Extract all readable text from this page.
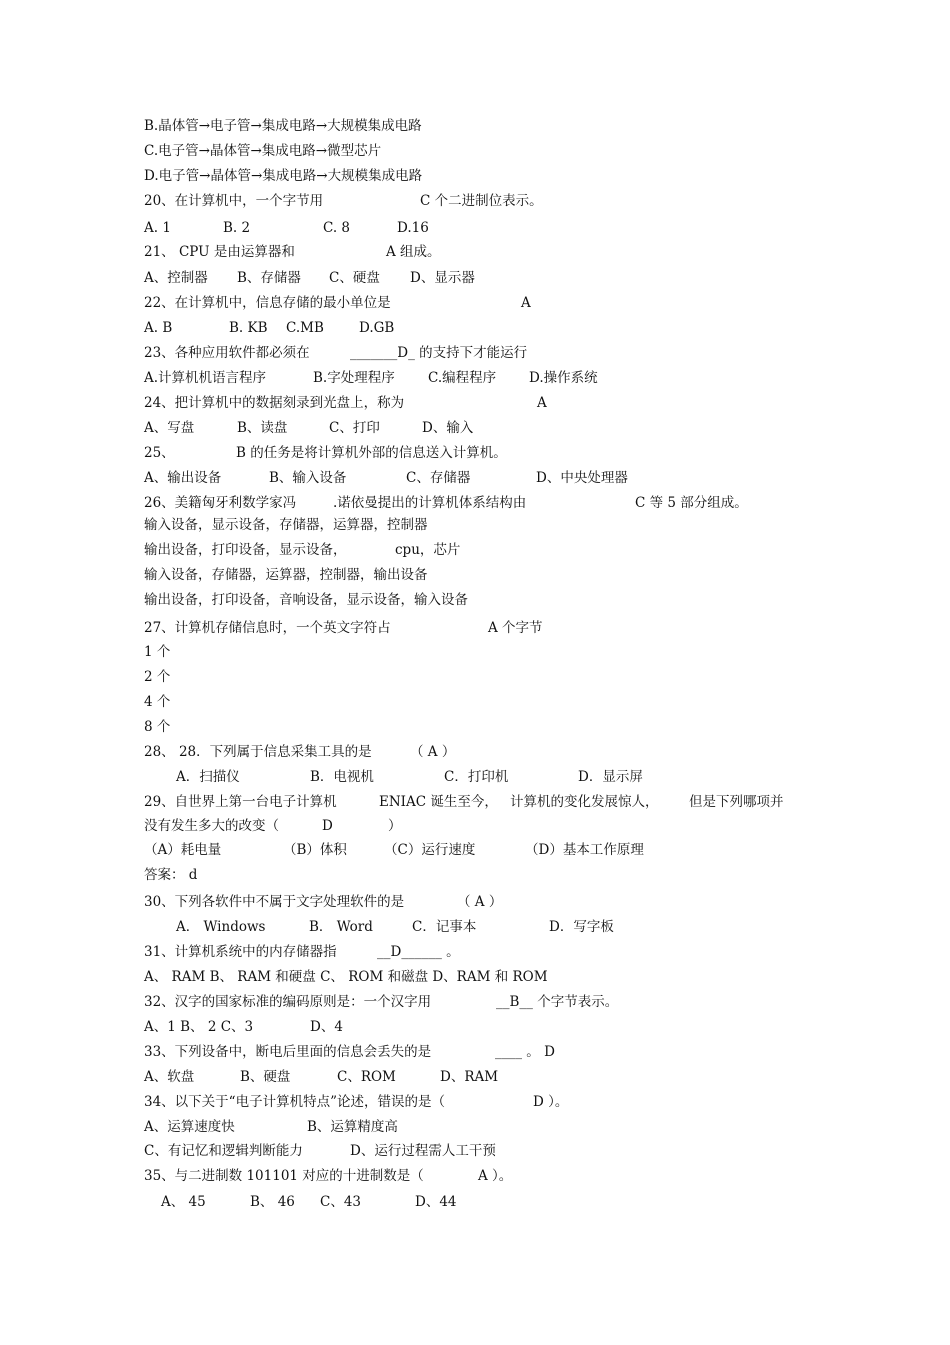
B.晶体管→电子管→集成电路→大规模集成电路
C.电子管→晶体管→集成电路→微型芯片
D.电子管→晶体管→集成电路→大规模集成电路
20、在计算机中，一个字节用	C 个二进制位表示。
A. 1	B. 2	C. 8	D.16
21、 CPU 是由运算器和	A 组成。
A、控制器 B、存储器 C、硬盘 D、显示器
22、在计算机中，信息存储的最小单位是	A
A. B	B. KB C.MB	D.GB
23、各种应用软件都必须在	_______D_ 的支持下才能运行
A.计算机机语言程序	B.字处理程序 C.编程程序 D.操作系统
24、把计算机中的数据刻录到光盘上，称为	A
A、写盘	B、读盘	C、打印	D、输入
25、	B 的任务是将计算机外部的信息送入计算机。
A、输出设备	B、输入设备	C、存储器	D、中央处理器
26、美籍匈牙利数学家冯	.诺依曼提出的计算机体系结构由	C 等 5 部分组成。
输入设备，显示设备，存储器，运算器，控制器
输出设备，打印设备，显示设备，	cpu，芯片
输入设备，存储器，运算器，控制器，输出设备
输出设备，打印设备，音响设备，显示设备，输入设备
27、计算机存储信息时，一个英文字符占	A 个字节
1 个
2 个
4 个
8 个
28、 28．下列属于信息采集工具的是	（ A ）
A．扫描仪	B．电视机	C．打印机	D．显示屏
29、自世界上第一台电子计算机	ENIAC 诞生至今， 计算机的变化发展惊人， 但是下列哪项并
没有发生多大的改变（	D	）
（A）耗电量	（B）体积	（C）运行速度	（D）基本工作原理
答案： d
30、下列各软件中不属于文字处理软件的是	（ A ）
A． Windows	B． Word	C．记事本	D．写字板
31、计算机系统中的内存储器指	__D______ 。
A、 RAM B、 RAM 和硬盘 C、 ROM 和磁盘 D、RAM 和 ROM
32、汉字的国家标准的编码原则是：一个汉字用	__B__ 个字节表示。
A、1 B、 2 C、3	D、4
33、下列设备中，断电后里面的信息会丢失的是	____ 。 D
A、软盘	B、硬盘	C、ROM	D、RAM
34、以下关于“电子计算机特点”论述，错误的是（	D ）。
A、运算速度快	B、运算精度高
C、有记忆和逻辑判断能力	D、运行过程需人工干预
35、与二进制数 101101 对应的十进制数是（	A ）。
A、 45	B、 46 C、43	D、44
